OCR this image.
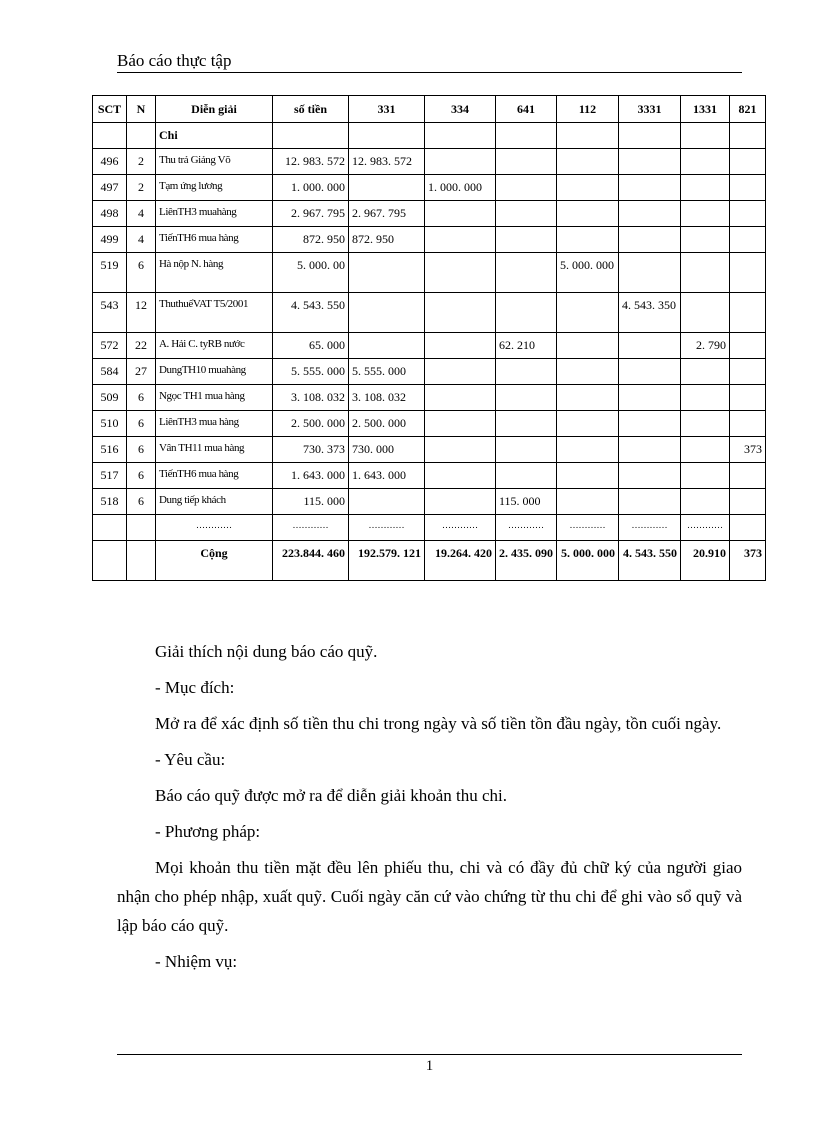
Báo cáo thực tập
SCT	N	Diễn giải	số tiền	331	334	641	112	3331	1331	821
		Chi								
496	2	Thu trả Giảng Võ	12. 983. 572	12. 983. 572						
497	2	Tạm ứng lương	1. 000. 000		1. 000. 000					
498	4	LiênTH3 muahàng	2. 967. 795	2. 967. 795						
499	4	TiếnTH6 mua hàng	872. 950	872. 950						
519	6	Hà nộp N. hàng	5. 000. 00				5. 000. 000			
543	12	ThuthuếVAT T5/2001	4. 543. 550					4. 543. 350		
572	22	A. Hải C. tyRB nước	65. 000			62. 210			2. 790	
584	27	DungTH10 muahàng	5. 555. 000	5. 555. 000						
509	6	Ngọc TH1 mua hàng	3. 108. 032	3. 108. 032						
510	6	LiênTH3 mua hàng	2. 500. 000	2. 500. 000						
516	6	Vân TH11 mua hàng	730. 373	730. 000						373
517	6	TiếnTH6 mua hàng	1. 643. 000	1. 643. 000						
518	6	Dung tiếp khách	115. 000			115. 000				
		…………	…………	…………	…………	…………	…………	…………	…………	
		Cộng	223.844. 460	192.579. 121	19.264. 420	2. 435. 090	5. 000. 000	4. 543. 550	20.910	373

Giải thích nội dung báo cáo quỹ.

- Mục đích:

Mở ra để xác định số tiền thu chi trong ngày và số tiền tồn đầu ngày, tồn cuối ngày.

- Yêu cầu:

Báo cáo quỹ được mở ra để diễn giải khoản thu chi.

- Phương pháp:

Mọi khoản thu tiền mặt đều lên phiếu thu, chi và có đầy đủ chữ ký của người giao nhận cho phép nhập, xuất quỹ. Cuối ngày căn cứ vào chứng từ thu chi để ghi vào sổ quỹ và lập báo cáo quỹ.

- Nhiệm vụ:

1
